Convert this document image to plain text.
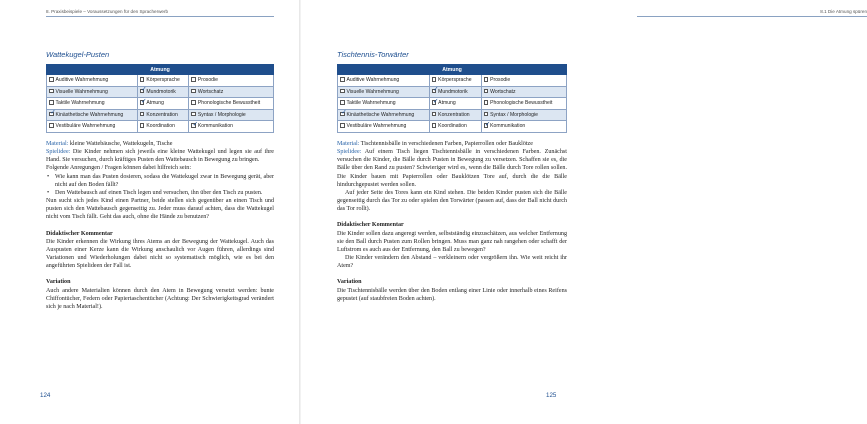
8. Praxisbeispiele – Voraussetzungen für den Spracherwerb
Wattekugel-Pusten
Atmung		
Auditive Wahrnehmung	Körpersprache	Prosodie
Visuelle Wahrnehmung	✓ Mundmotorik	Wortschatz
Taktile Wahrnehmung	✓ Atmung	Phonologische Bewusstheit

✓ Kinästhetische Wahrnehmung	Konzentration	Syntax / Morphologie
Vestibuläre Wahrnehmung	Koordination	✓ Kommunikation

Material: kleine Wattebäusche, Wattekugeln, Tische

Spielidee: Die Kinder nehmen sich jeweils eine kleine Wattekugel und legen sie auf ihre Hand. Sie versuchen, durch kräftiges Pusten den Wattebausch in Bewegung zu bringen.

Folgende Anregungen / Fragen können dabei hilfreich sein:

• Wie kann man das Pusten dosieren, sodass die Wattekugel zwar in Bewegung gerät, aber nicht auf den Boden fällt?

• Den Wattebausch auf einen Tisch legen und versuchen, ihn über den Tisch zu pusten.

Nun sucht sich jedes Kind einen Partner, beide stellen sich gegenüber an einen Tisch und pusten sich den Wattebausch gegenseitig zu. Jeder muss darauf achten, dass die Wattekugel nicht vom Tisch fällt. Geht das auch, ohne die Hände zu benutzen?

Didaktischer Kommentar

Die Kinder erkennen die Wirkung ihres Atems an der Bewegung der Wattekugel. Auch das Auspusten einer Kerze kann die Wirkung anschaulich vor Augen führen, allerdings sind Variationen und Wiederholungen dabei nicht so systematisch möglich, wie es bei den angeführten Spielideen der Fall ist.

Variation

Auch andere Materialien können durch den Atem in Bewegung versetzt werden: bunte Chiffontücher, Federn oder Papiertaschentücher (Achtung: Der Schwierigkeitsgrad verändert sich je nach Material!).

124
8.1 Die Atmung spüren
Tischtennis-Torwärter
Atmung		
Auditive Wahrnehmung	Körpersprache	Prosodie
Visuelle Wahrnehmung	✓ Mundmotorik	Wortschatz
Taktile Wahrnehmung	✓ Atmung	Phonologische Bewusstheit

✓ Kinästhetische Wahrnehmung	Konzentration	Syntax / Morphologie
Vestibuläre Wahrnehmung	Koordination	✓ Kommunikation

Material: Tischtennisbälle in verschiedenen Farben, Papierrollen oder Bauklötze

Spielidee: Auf einem Tisch liegen Tischtennisbälle in verschiedenen Farben. Zunächst versuchen die Kinder, die Bälle durch Pusten in Bewegung zu versetzen. Schaffen sie es, die Bälle über den Rand zu pusten? Schwieriger wird es, wenn die Bälle durch Tore rollen sollen. Die Kinder bauen mit Papierrollen oder Bauklötzen Tore auf, durch die die Bälle hindurchgepustet werden sollen.

Auf jeder Seite des Tores kann ein Kind stehen. Die beiden Kinder pusten sich die Bälle gegenseitig durch das Tor zu oder spielen den Torwärter (passen auf, dass der Ball nicht durch das Tor rollt).

Didaktischer Kommentar

Die Kinder sollen dazu angeregt werden, selbstständig einzuschätzen, aus welcher Entfernung sie den Ball durch Pusten zum Rollen bringen. Muss man ganz nah rangehen oder schafft der Luftstrom es auch aus der Entfernung, den Ball zu bewegen?

Die Kinder verändern den Abstand – verkleinern oder vergrößern ihn. Wie weit reicht ihr Atem?

Variation

Die Tischtennisbälle werden über den Boden entlang einer Linie oder innerhalb eines Reifens gepustet (auf staubfreien Boden achten).

125
